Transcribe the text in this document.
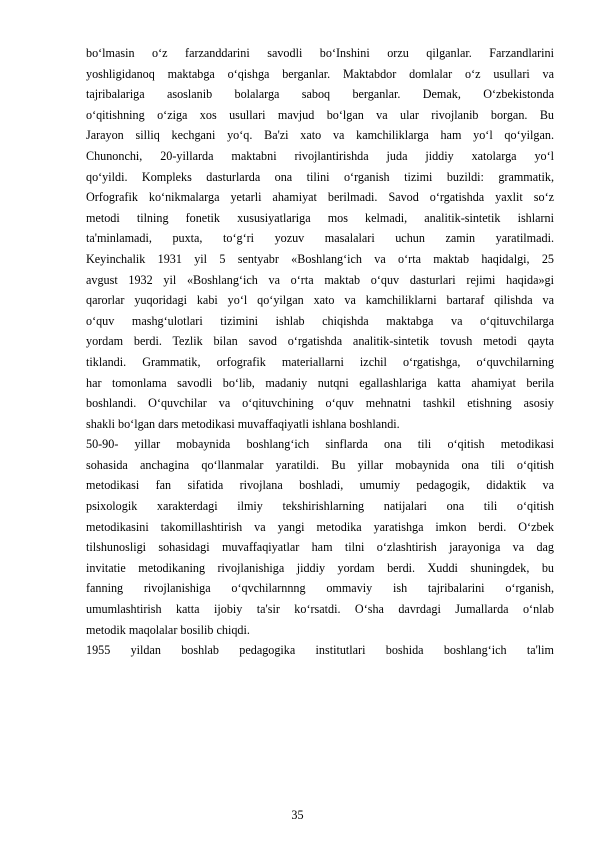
boʻlmasin oʻz farzanddarini savodli boʻInshini orzu qilganlar. Farzandlarini
yoshligidanoq maktabga oʻqishga berganlar. Maktabdor domlalar oʻz usullari va
tajribalariga asoslanib bolalarga saboq berganlar. Demak, Oʻzbekistonda
oʻqitishning oʻziga xos usullari mavjud boʻlgan va ular rivojlanib borgan. Bu
Jarayon silliq kechgani yoʻq. Ba'zi xato va kamchiliklarga ham yoʻl qoʻyilgan.
Chunonchi, 20-yillarda maktabni rivojlantirishda juda jiddiy xatolarga yoʻl
qoʻyildi. Kompleks dasturlarda ona tilini oʻrganish tizimi buzildi: grammatik,
Orfografik koʻnikmalarga yetarli ahamiyat berilmadi. Savod oʻrgatishda yaxlit soʻz
metodi tilning fonetik xususiyatlariga mos kelmadi, analitik-sintetik ishlarni
ta'minlamadi, puxta, toʻgʻri yozuv masalalari uchun zamin yaratilmadi.
Keyinchalik 1931 yil 5 sentyabr «Boshlangʻich va oʻrta maktab haqidalgi, 25
avgust 1932 yil «Boshlangʻich va oʻrta maktab oʻquv dasturlari rejimi haqida»gi
qarorlar yuqoridagi kabi yoʻl qoʻyilgan xato va kamchiliklarni bartaraf qilishda va
oʻquv mashgʻulotlari tizimini ishlab chiqishda maktabga va oʻqituvchilarga
yordam berdi. Tezlik bilan savod oʻrgatishda analitik-sintetik tovush metodi qayta
tiklandi. Grammatik, orfografik materiallarni izchil oʻrgatishga, oʻquvchilarning
har tomonlama savodli boʻlib, madaniy nutqni egallashlariga katta ahamiyat berila
boshlandi. Oʻquvchilar va oʻqituvchining oʻquv mehnatni tashkil etishning asosiy
shakli boʻlgan dars metodikasi muvaffaqiyatli ishlana boshlandi.
50-90- yillar mobaynida boshlangʻich sinflarda ona tili oʻqitish metodikasi
sohasida anchagina qoʻllanmalar yaratildi. Bu yillar mobaynida ona tili oʻqitish
metodikasi fan sifatida rivojlana boshladi, umumiy pedagogik, didaktik va
psixologik xarakterdagi ilmiy tekshirishlarning natijalari ona tili oʻqitish
metodikasini takomillashtirish va yangi metodika yaratishga imkon berdi. Oʻzbek
tilshunosligi sohasidagi muvaffaqiyatlar ham tilni oʻzlashtirish jarayoniga va dag
invitatie metodikaning rivojlanishiga jiddiy yordam berdi. Xuddi shuningdek, bu
fanning rivojlanishiga oʻqvchilarnnng ommaviy ish tajribalarini oʻrganish,
umumlashtirish katta ijobiy ta'sir koʻrsatdi. Oʻsha davrdagi Jumallarda oʻnlab
metodik maqolalar bosilib chiqdi.
1955 yildan boshlab pedagogika institutlari boshida boshlangʻich ta'lim
35
